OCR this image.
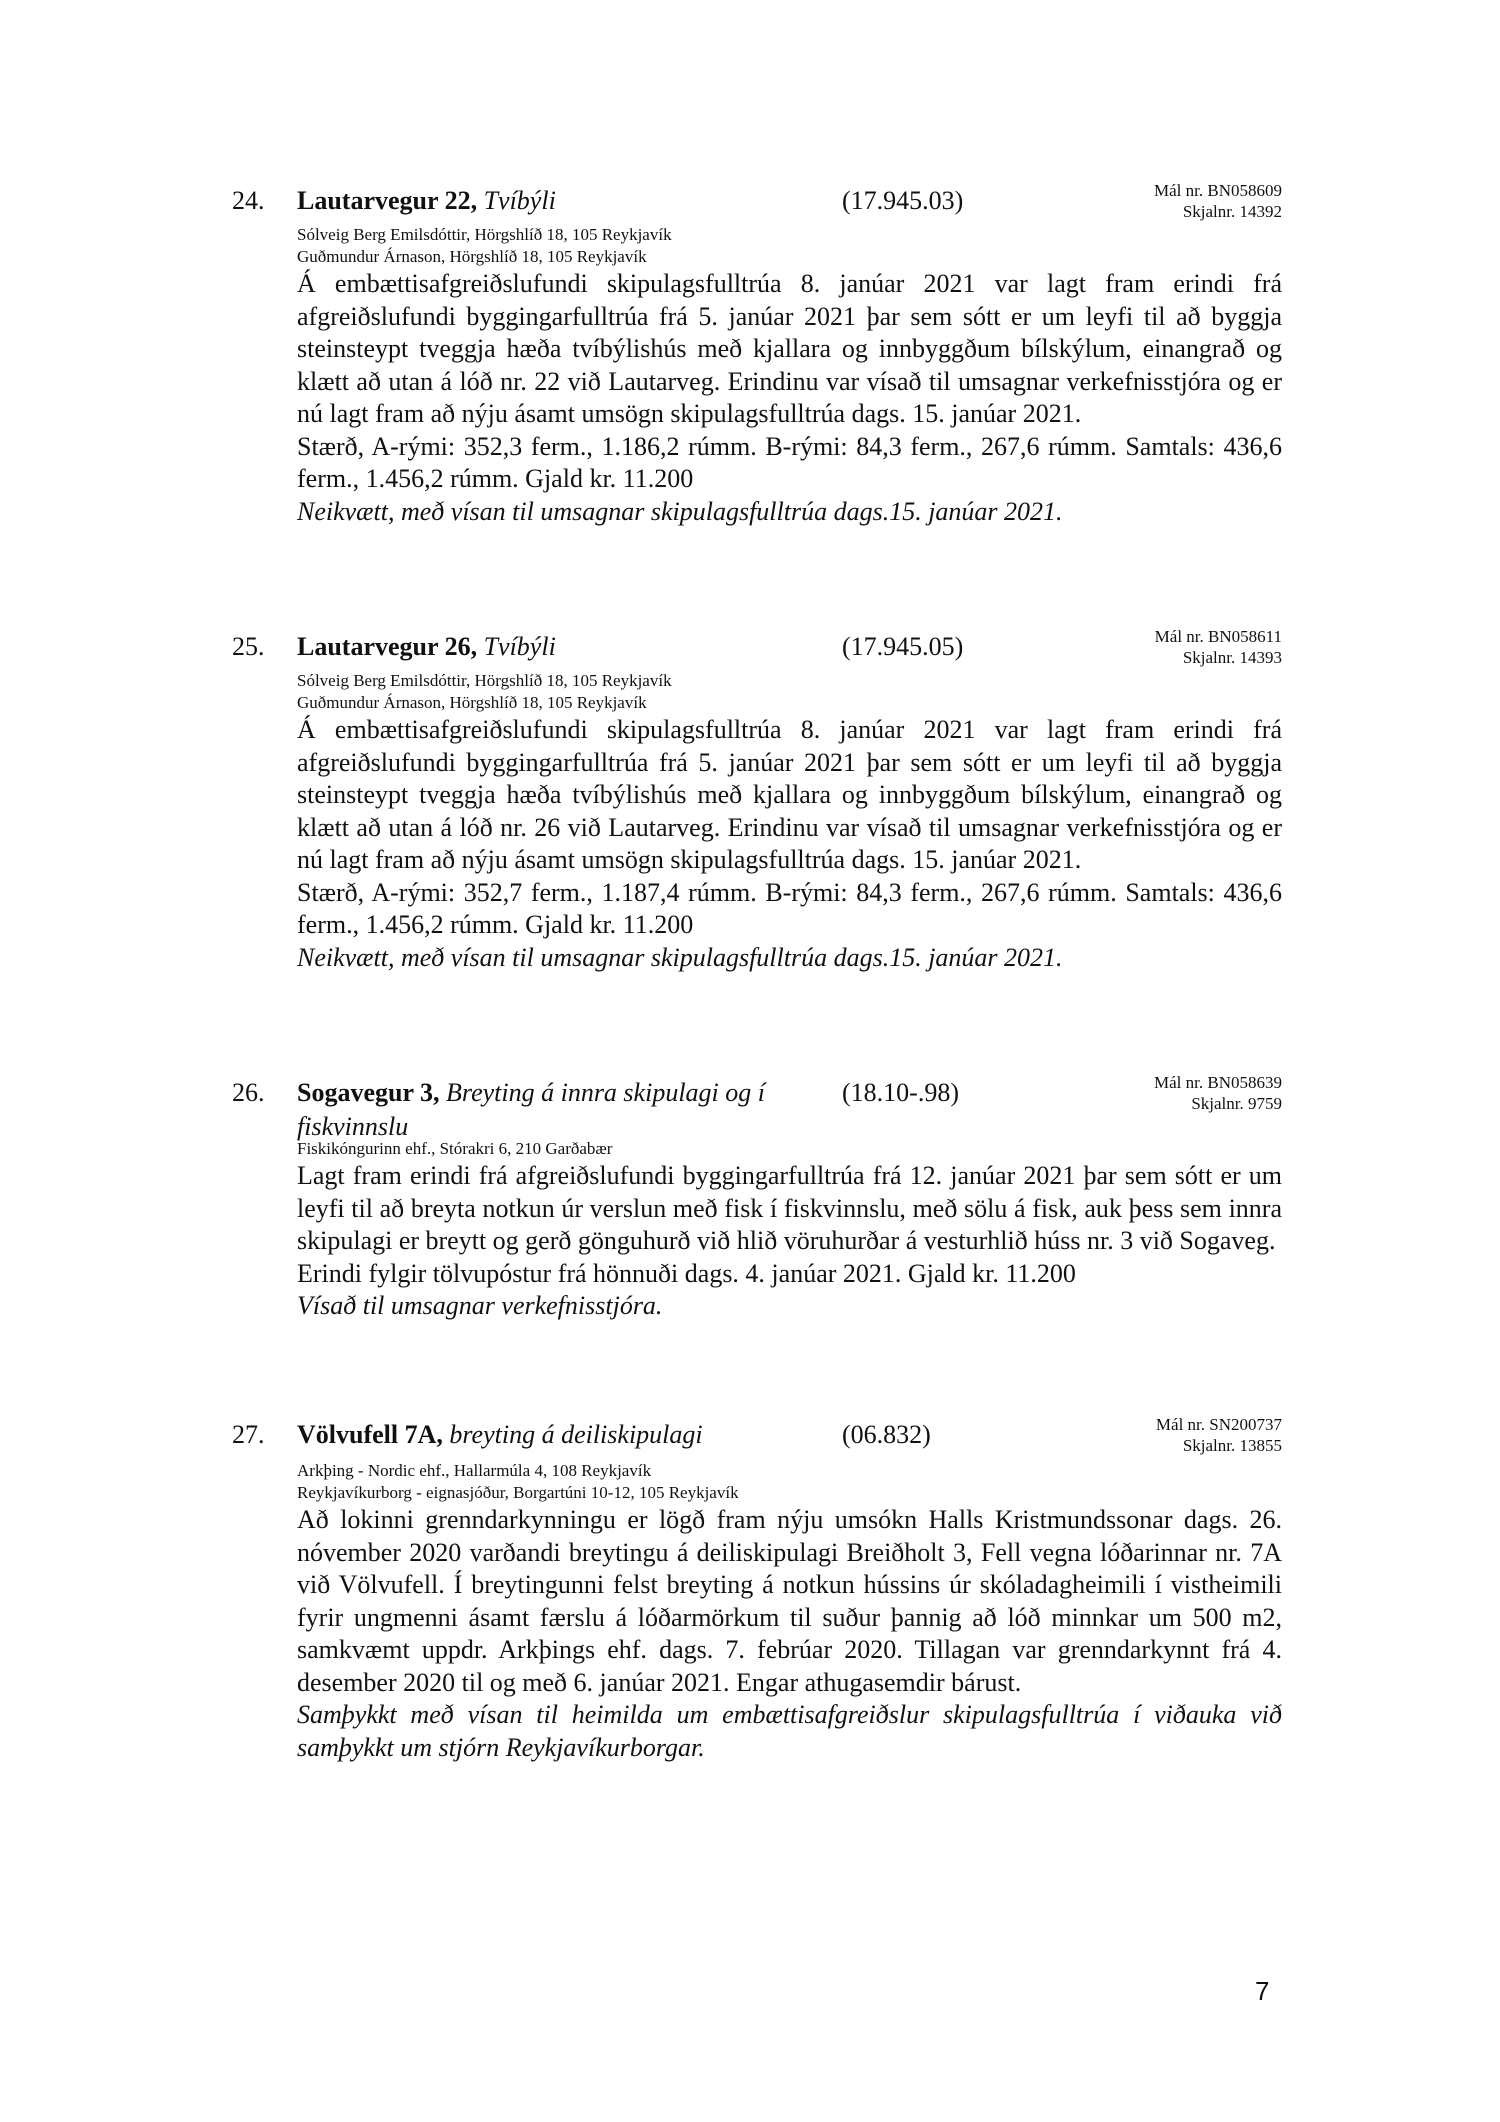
24. Lautarvegur 22, Tvíbýli	(17.945.03)	Mál nr. BN058609
Skjalnr. 14392
Sólveig Berg Emilsdóttir, Hörgshlíð 18, 105 Reykjavík
Guðmundur Árnason, Hörgshlíð 18, 105 Reykjavík

Á embættisafgreiðslufundi skipulagsfulltrúa 8. janúar 2021 var lagt fram erindi frá afgreiðslufundi byggingarfulltrúa frá 5. janúar 2021 þar sem sótt er um leyfi til að byggja steinsteypt tveggja hæða tvíbýlishús með kjallara og innbyggðum bílskýlum, einangrað og klætt að utan á lóð nr. 22 við Lautarveg. Erindinu var vísað til umsagnar verkefnisstjóra og er nú lagt fram að nýju ásamt umsögn skipulagsfulltrúa dags. 15. janúar 2021.

Stærð, A-rými: 352,3 ferm., 1.186,2 rúmm. B-rými: 84,3 ferm., 267,6 rúmm. Samtals: 436,6 ferm., 1.456,2 rúmm. Gjald kr. 11.200

Neikvætt, með vísan til umsagnar skipulagsfulltrúa dags.15. janúar 2021.

25. Lautarvegur 26, Tvíbýli	(17.945.05)	Mál nr. BN058611
Skjalnr. 14393
Sólveig Berg Emilsdóttir, Hörgshlíð 18, 105 Reykjavík
Guðmundur Árnason, Hörgshlíð 18, 105 Reykjavík

Á embættisafgreiðslufundi skipulagsfulltrúa 8. janúar 2021 var lagt fram erindi frá afgreiðslufundi byggingarfulltrúa frá 5. janúar 2021 þar sem sótt er um leyfi til að byggja steinsteypt tveggja hæða tvíbýlishús með kjallara og innbyggðum bílskýlum, einangrað og klætt að utan á lóð nr. 26 við Lautarveg. Erindinu var vísað til umsagnar verkefnisstjóra og er nú lagt fram að nýju ásamt umsögn skipulagsfulltrúa dags. 15. janúar 2021.

Stærð, A-rými: 352,7 ferm., 1.187,4 rúmm. B-rými: 84,3 ferm., 267,6 rúmm. Samtals: 436,6 ferm., 1.456,2 rúmm. Gjald kr. 11.200

Neikvætt, með vísan til umsagnar skipulagsfulltrúa dags.15. janúar 2021.

26. Sogavegur 3, Breyting á innra skipulagi og í fiskvinnslu
(18.10-.98)	Mál nr. BN058639
Skjalnr. 9759
Fiskikóngurinn ehf., Stórakri 6, 210 Garðabær

Lagt fram erindi frá afgreiðslufundi byggingarfulltrúa frá 12. janúar 2021 þar sem sótt er um leyfi til að breyta notkun úr verslun með fisk í fiskvinnslu, með sölu á fisk, auk þess sem innra skipulagi er breytt og gerð gönguhurð við hlið vöruhurðar á vesturhlið húss nr. 3 við Sogaveg.

Erindi fylgir tölvupóstur frá hönnuði dags. 4. janúar 2021. Gjald kr. 11.200

Vísað til umsagnar verkefnisstjóra.

27. Völvufell 7A, breyting á deiliskipulagi	(06.832)	Mál nr. SN200737
Skjalnr. 13855
Arkþing - Nordic ehf., Hallarmúla 4, 108 Reykjavík
Reykjavíkurborg - eignasjóður, Borgartúni 10-12, 105 Reykjavík

Að lokinni grenndarkynningu er lögð fram nýju umsókn Halls Kristmundssonar dags. 26. nóvember 2020 varðandi breytingu á deiliskipulagi Breiðholt 3, Fell vegna lóðarinnar nr. 7A við Völvufell. Í breytingunni felst breyting á notkun hússins úr skóladagheimili í vistheimili fyrir ungmenni ásamt færslu á lóðarmörkum til suður þannig að lóð minnkar um 500 m2, samkvæmt uppdr. Arkþings ehf. dags. 7. febrúar 2020. Tillagan var grenndarkynnt frá 4. desember 2020 til og með 6. janúar 2021. Engar athugasemdir bárust.

Samþykkt með vísan til heimilda um embættisafgreiðslur skipulagsfulltrúa í viðauka við samþykkt um stjórn Reykjavíkurborgar.

7
